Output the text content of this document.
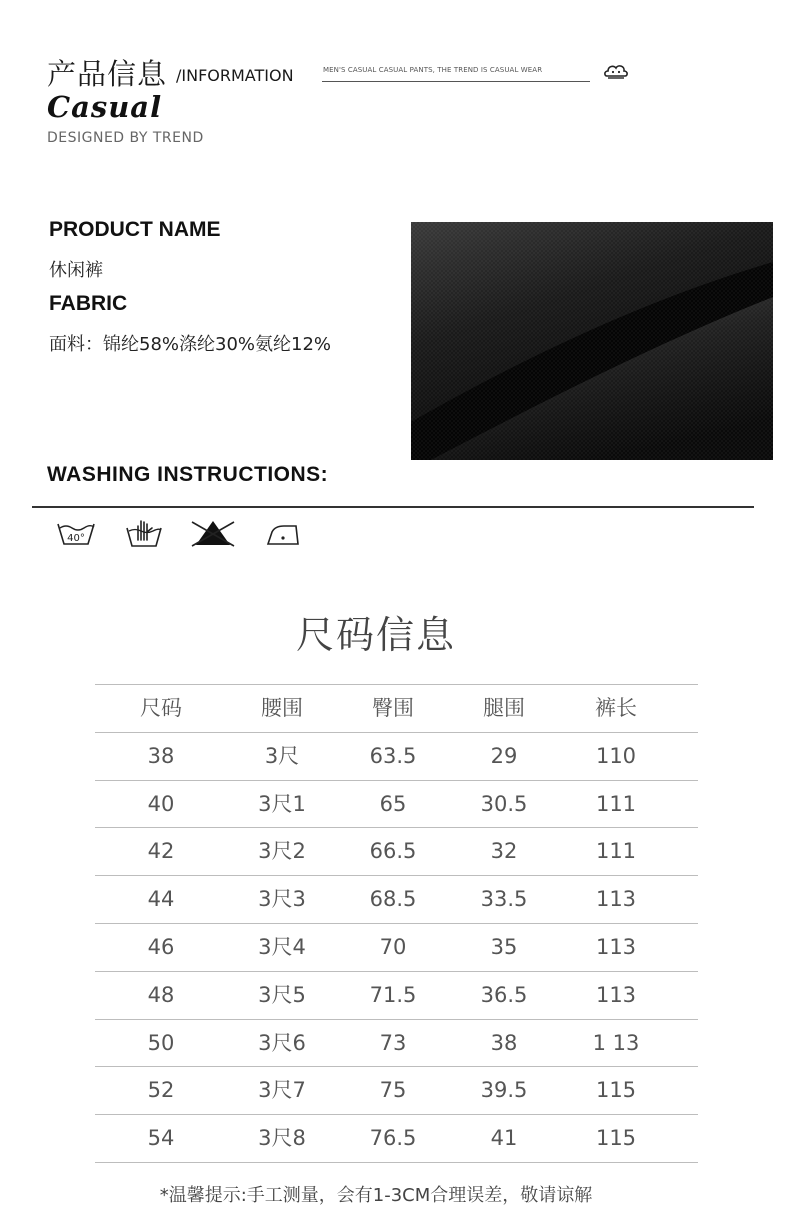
产品信息 /INFORMATION	MEN'S CASUAL CASUAL PANTS, THE TREND IS CASUAL WEAR
Casual
DESIGNED BY TREND
PRODUCT NAME
休闲裤
FABRIC
面料：锦纶58%涤纶30%氨纶12%
WASHING INSTRUCTIONS:
40°
尺码信息
尺码	腰围	臀围	腿围	裤长
38	3尺	63.5	29	110
40	3尺1	65	30.5	111
42	3尺2	66.5	32	111
44	3尺3	68.5	33.5	113
46	3尺4	70	35	113
48	3尺5	71.5	36.5	113
50	3尺6	73	38	1 13
52	3尺7	75	39.5	115
54	3尺8	76.5	41	115
*温馨提示:手工测量，会有1-3CM合理误差，敬请谅解
